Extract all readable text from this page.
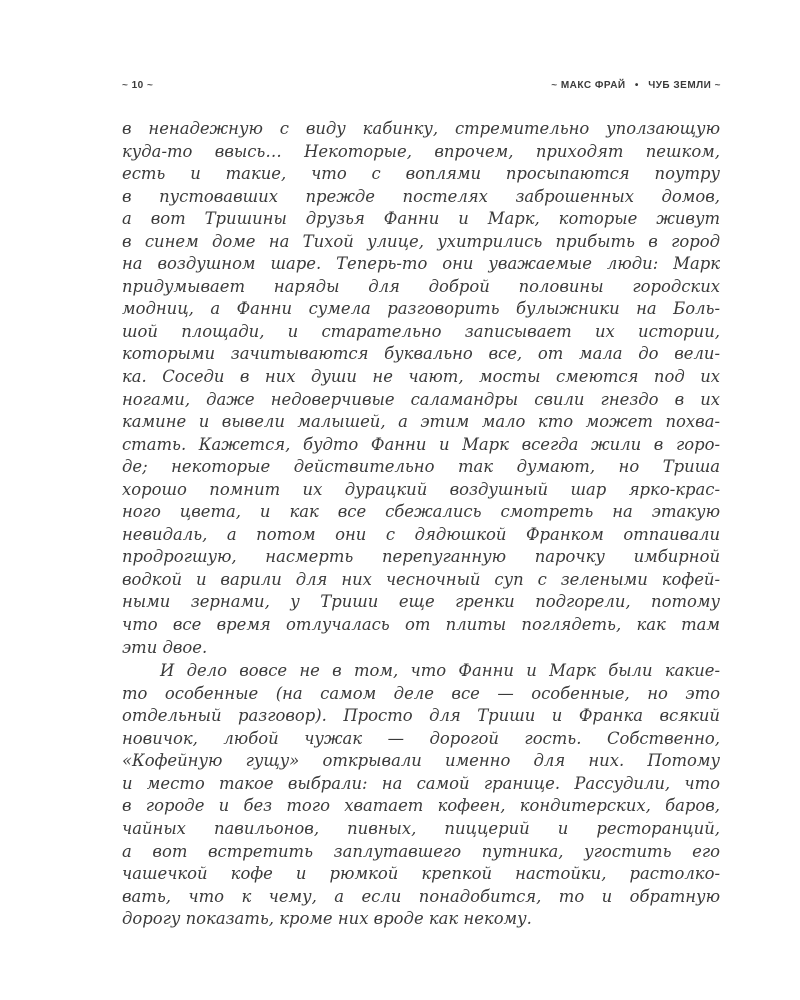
~ 10 ~	~ МАКС ФРАЙ • ЧУБ ЗЕМЛИ ~

в ненадежную с виду кабинку, стремительно уползающую
куда-то ввысь… Некоторые, впрочем, приходят пешком,
есть и такие, что с воплями просыпаются поутру
в пустовавших прежде постелях заброшенных домов,
а вот Тришины друзья Фанни и Марк, которые живут
в синем доме на Тихой улице, ухитрились прибыть в город
на воздушном шаре. Теперь-то они уважаемые люди: Марк
придумывает наряды для доброй половины городских
модниц, а Фанни сумела разговорить булыжники на Боль-
шой площади, и старательно записывает их истории,
которыми зачитываются буквально все, от мала до вели-
ка. Соседи в них души не чают, мосты смеются под их
ногами, даже недоверчивые саламандры свили гнездо в их
камине и вывели малышей, а этим мало кто может похва-
стать. Кажется, будто Фанни и Марк всегда жили в горо-
де; некоторые действительно так думают, но Триша
хорошо помнит их дурацкий воздушный шар ярко-крас-
ного цвета, и как все сбежались смотреть на этакую
невидаль, а потом они с дядюшкой Франком отпаивали
продрогшую, насмерть перепуганную парочку имбирной
водкой и варили для них чесночный суп с зелеными кофей-
ными зернами, у Триши еще гренки подгорели, потому
что все время отлучалась от плиты поглядеть, как там
эти двое.

И дело вовсе не в том, что Фанни и Марк были какие-
то особенные (на самом деле все — особенные, но это
отдельный разговор). Просто для Триши и Франка всякий
новичок, любой чужак — дорогой гость. Собственно,
«Кофейную гущу» открывали именно для них. Потому
и место такое выбрали: на самой границе. Рассудили, что
в городе и без того хватает кофеен, кондитерских, баров,
чайных павильонов, пивных, пиццерий и ресторанций,
а вот встретить заплутавшего путника, угостить его
чашечкой кофе и рюмкой крепкой настойки, растолко-
вать, что к чему, а если понадобится, то и обратную
дорогу показать, кроме них вроде как некому.
